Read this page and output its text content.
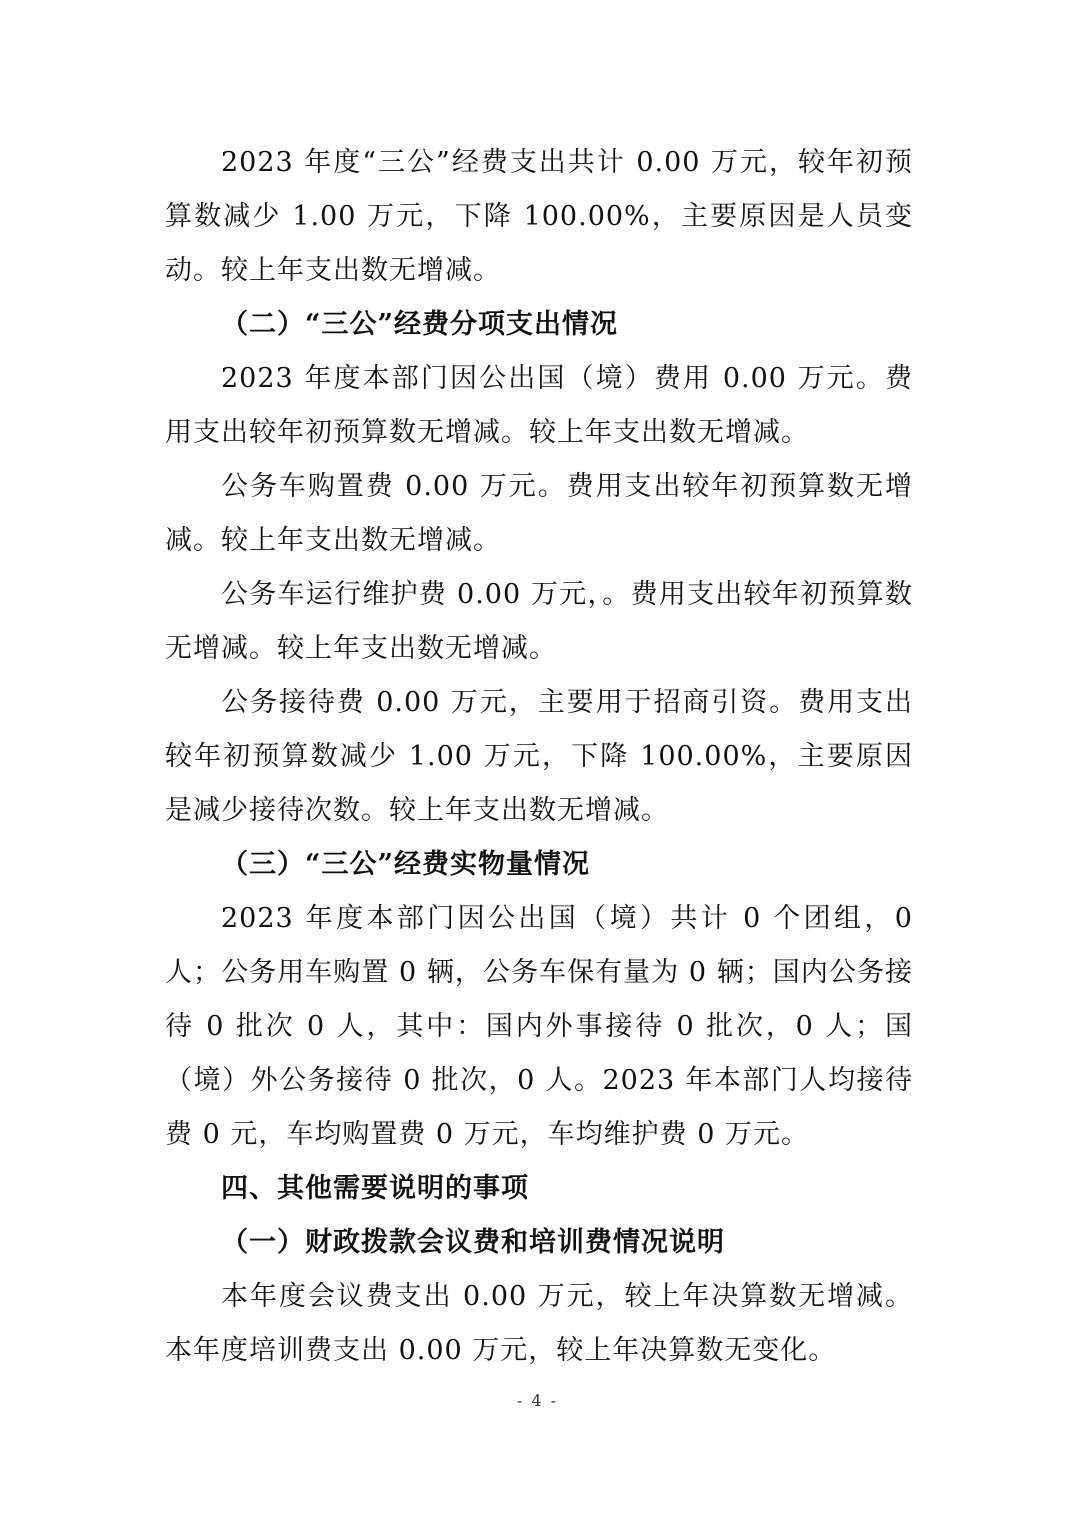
2023 年度“三公”经费支出共计 0.00 万元，较年初预算数减少 1.00 万元，下降 100.00%，主要原因是人员变动。较上年支出数无增减。

（二）“三公”经费分项支出情况

2023 年度本部门因公出国（境）费用 0.00 万元。费用支出较年初预算数无增减。较上年支出数无增减。

公务车购置费 0.00 万元。费用支出较年初预算数无增减。较上年支出数无增减。

公务车运行维护费 0.00 万元，。费用支出较年初预算数无增减。较上年支出数无增减。

公务接待费 0.00 万元，主要用于招商引资。费用支出较年初预算数减少 1.00 万元，下降 100.00%，主要原因是减少接待次数。较上年支出数无增减。

（三）“三公”经费实物量情况

2023 年度本部门因公出国（境）共计 0 个团组，0 人；公务用车购置 0 辆，公务车保有量为 0 辆；国内公务接待 0 批次 0 人，其中：国内外事接待 0 批次，0 人；国（境）外公务接待 0 批次，0 人。2023 年本部门人均接待费 0 元，车均购置费 0 万元，车均维护费 0 万元。

四、其他需要说明的事项

（一）财政拨款会议费和培训费情况说明

本年度会议费支出 0.00 万元，较上年决算数无增减。本年度培训费支出 0.00 万元，较上年决算数无变化。

- 4 -
